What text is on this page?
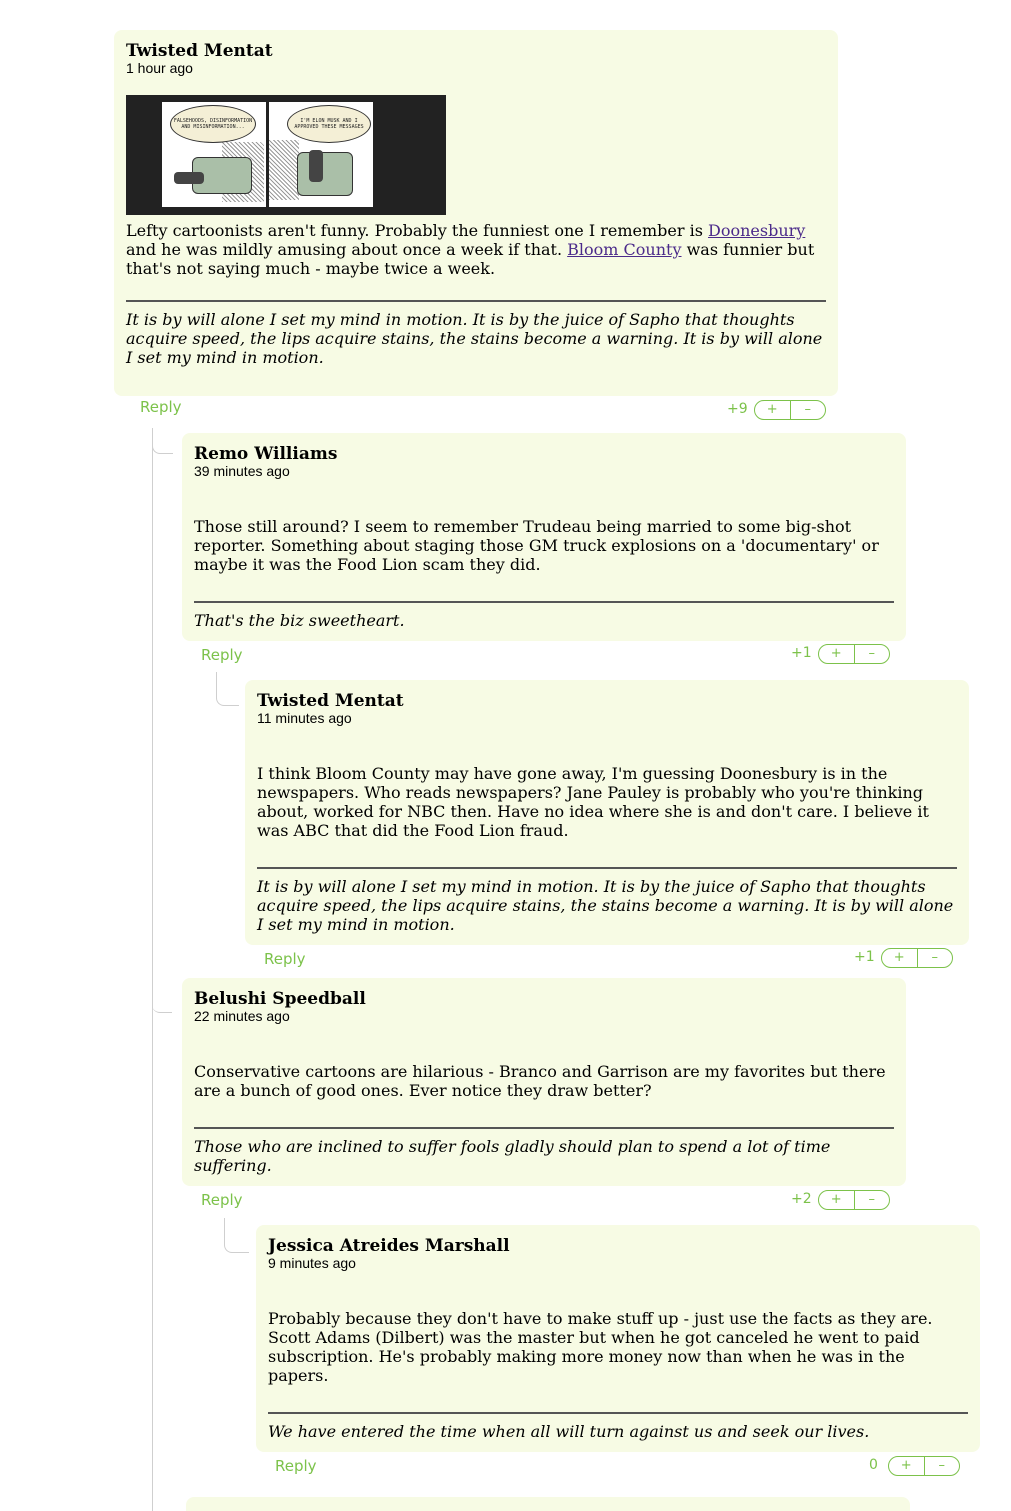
Twisted Mentat
1 hour ago
FALSEHOODS, DISINFORMATION AND MISINFORMATION...
I'M ELON MUSK AND I APPROVED THESE MESSAGES
Lefty cartoonists aren't funny. Probably the funniest one I remember is Doonesbury and he was mildly amusing about once a week if that. Bloom County was funnier but that's not saying much - maybe twice a week.
It is by will alone I set my mind in motion. It is by the juice of Sapho that thoughts acquire speed, the lips acquire stains, the stains become a warning. It is by will alone I set my mind in motion.
Reply	+9	+	–
Remo Williams
39 minutes ago
Those still around? I seem to remember Trudeau being married to some big-shot reporter. Something about staging those GM truck explosions on a 'documentary' or maybe it was the Food Lion scam they did.
That's the biz sweetheart.
Reply	+1	+	–
Twisted Mentat
11 minutes ago
I think Bloom County may have gone away, I'm guessing Doonesbury is in the newspapers. Who reads newspapers? Jane Pauley is probably who you're thinking about, worked for NBC then. Have no idea where she is and don't care. I believe it was ABC that did the Food Lion fraud.
It is by will alone I set my mind in motion. It is by the juice of Sapho that thoughts acquire speed, the lips acquire stains, the stains become a warning. It is by will alone I set my mind in motion.
Reply	+1	+	–
Belushi Speedball
22 minutes ago
Conservative cartoons are hilarious - Branco and Garrison are my favorites but there are a bunch of good ones. Ever notice they draw better?
Those who are inclined to suffer fools gladly should plan to spend a lot of time suffering.
Reply	+2	+	–
Jessica Atreides Marshall
9 minutes ago
Probably because they don't have to make stuff up - just use the facts as they are. Scott Adams (Dilbert) was the master but when he got canceled he went to paid subscription. He's probably making more money now than when he was in the papers.
We have entered the time when all will turn against us and seek our lives.
Reply	0	+	–
